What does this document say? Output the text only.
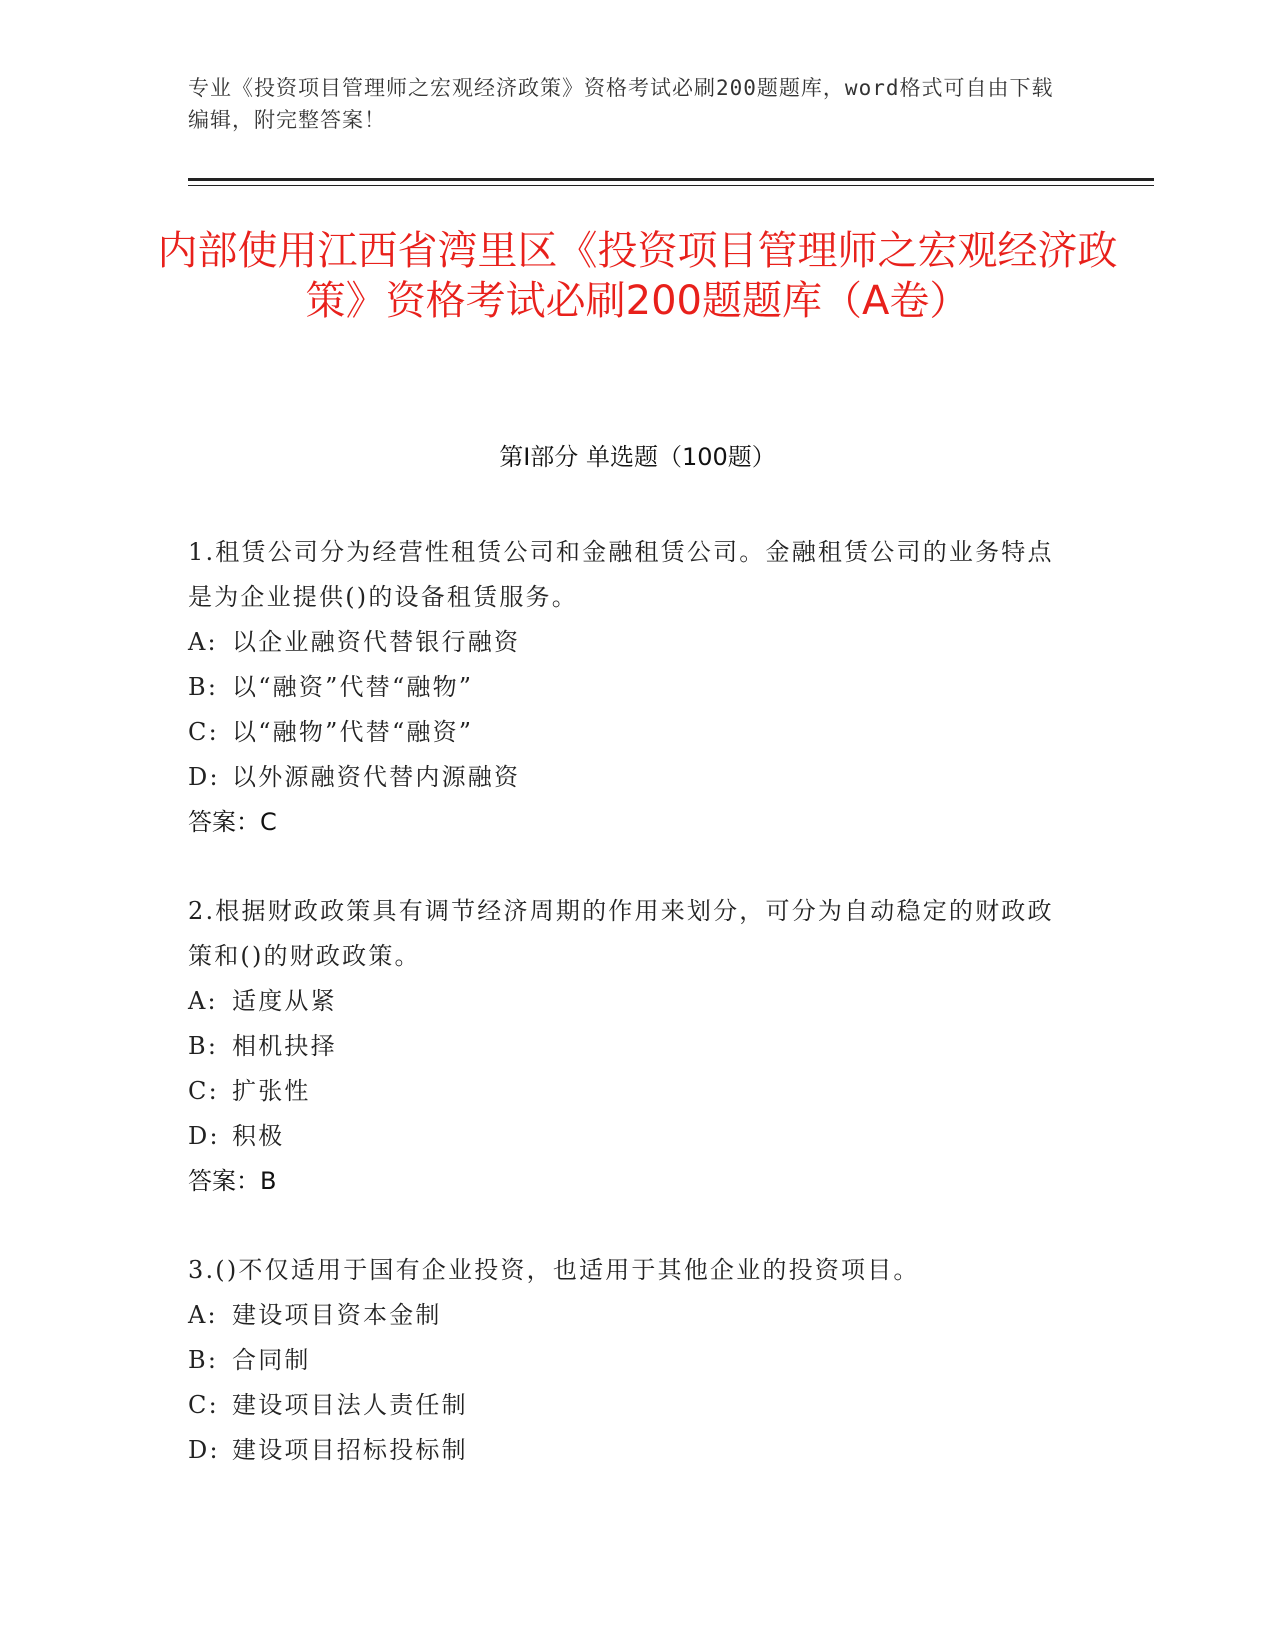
专业《投资项目管理师之宏观经济政策》资格考试必刷200题题库，word格式可自由下载编辑，附完整答案！
内部使用江西省湾里区《投资项目管理师之宏观经济政策》资格考试必刷200题题库（A卷）
第Ⅰ部分 单选题（100题）

1.租赁公司分为经营性租赁公司和金融租赁公司。金融租赁公司的业务特点是为企业提供()的设备租赁服务。

A: 以企业融资代替银行融资

B: 以“融资”代替“融物”

C: 以“融物”代替“融资”

D: 以外源融资代替内源融资

答案：C

2.根据财政政策具有调节经济周期的作用来划分，可分为自动稳定的财政政策和()的财政政策。

A: 适度从紧

B: 相机抉择

C: 扩张性

D: 积极

答案：B

3.()不仅适用于国有企业投资，也适用于其他企业的投资项目。

A: 建设项目资本金制

B: 合同制

C: 建设项目法人责任制

D: 建设项目招标投标制
